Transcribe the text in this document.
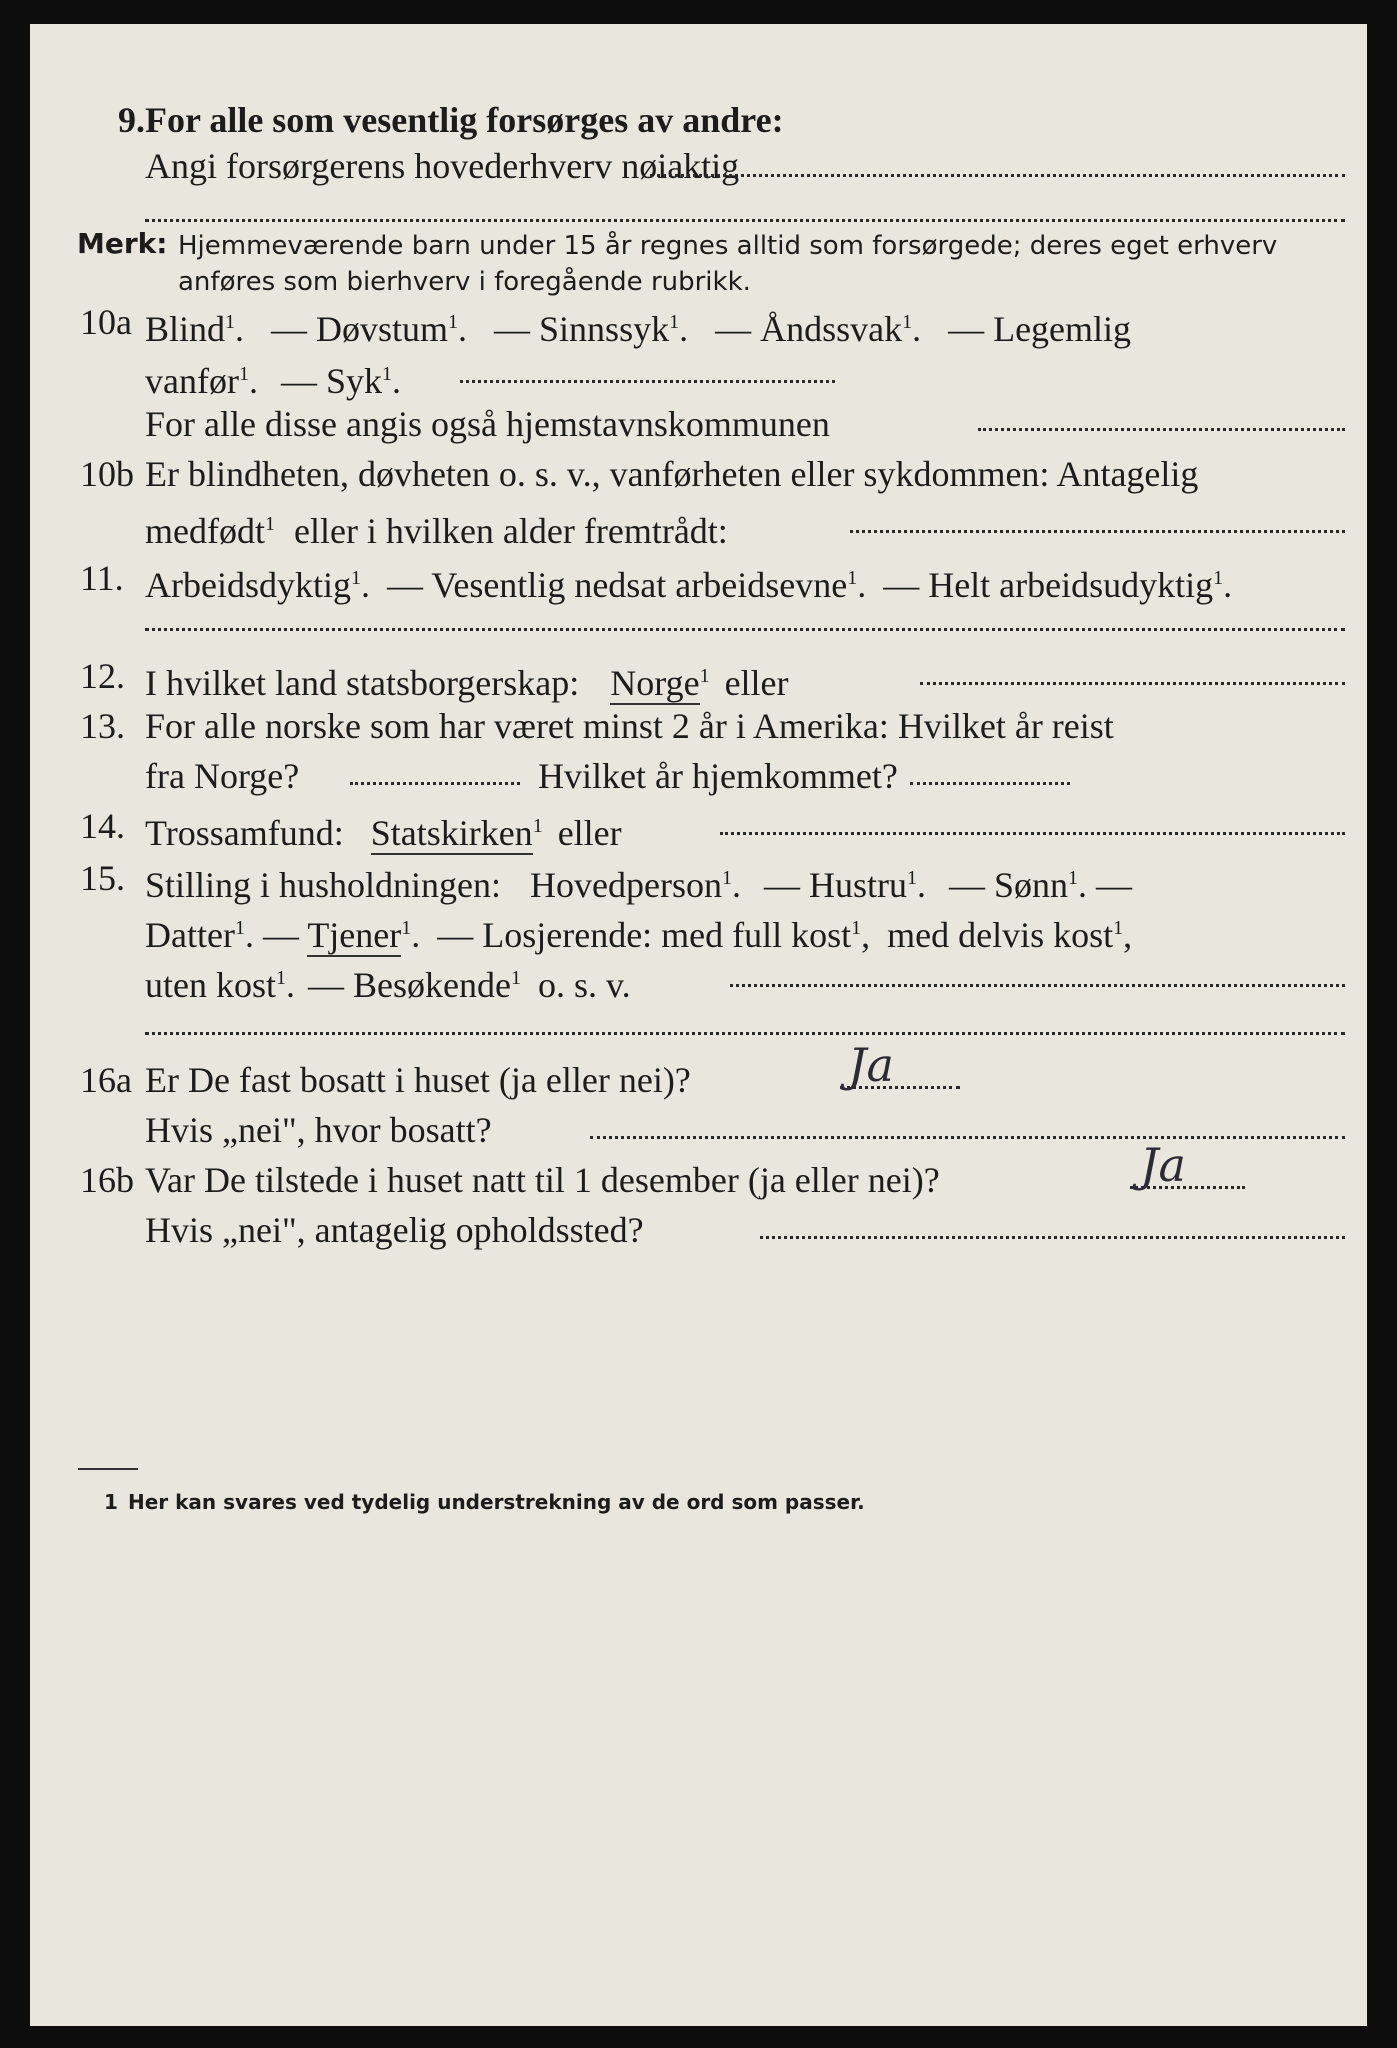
9. For alle som vesentlig forsørges av andre:
Angi forsørgerens hovederhverv nøiaktig
Merk: Hjemmeværende barn under 15 år regnes alltid som forsørgede; deres eget erhverv
anføres som bierhverv i foregående rubrikk.
10a Blind$^1$. — Døvstum$^1$. — Sinnssyk$^1$. — Åndssvak$^1$. — Legemlig
vanfør$^1$. — Syk$^1$.
For alle disse angis også hjemstavnskommunen
10b Er blindheten, døvheten o. s. v., vanførheten eller sykdommen: Antagelig
medfødt$^1$ eller i hvilken alder fremtrådt:
11. Arbeidsdyktig$^1$. — Vesentlig nedsat arbeidsevne$^1$. — Helt arbeidsudyktig$^1$.
12. I hvilket land statsborgerskap: Norge$^1$ eller
13. For alle norske som har været minst 2 år i Amerika: Hvilket år reist
fra Norge?	Hvilket år hjemkommet?
14. Trossamfund: Statskirken$^1$ eller
15. Stilling i husholdningen: Hovedperson$^1$. — Hustru$^1$. — Sønn$^1$. —
Datter$^1$. — Tjener$^1$. — Losjerende: med full kost$^1$, med delvis kost$^1$,
uten kost$^1$. — Besøkende$^1$ o. s. v.
16a Er De fast bosatt i huset (ja eller nei)?	Ja
Hvis „nei", hvor bosatt?
16b Var De tilstede i huset natt til 1 desember (ja eller nei)?	Ja
Hvis „nei", antagelig opholdssted?
1 Her kan svares ved tydelig understrekning av de ord som passer.
